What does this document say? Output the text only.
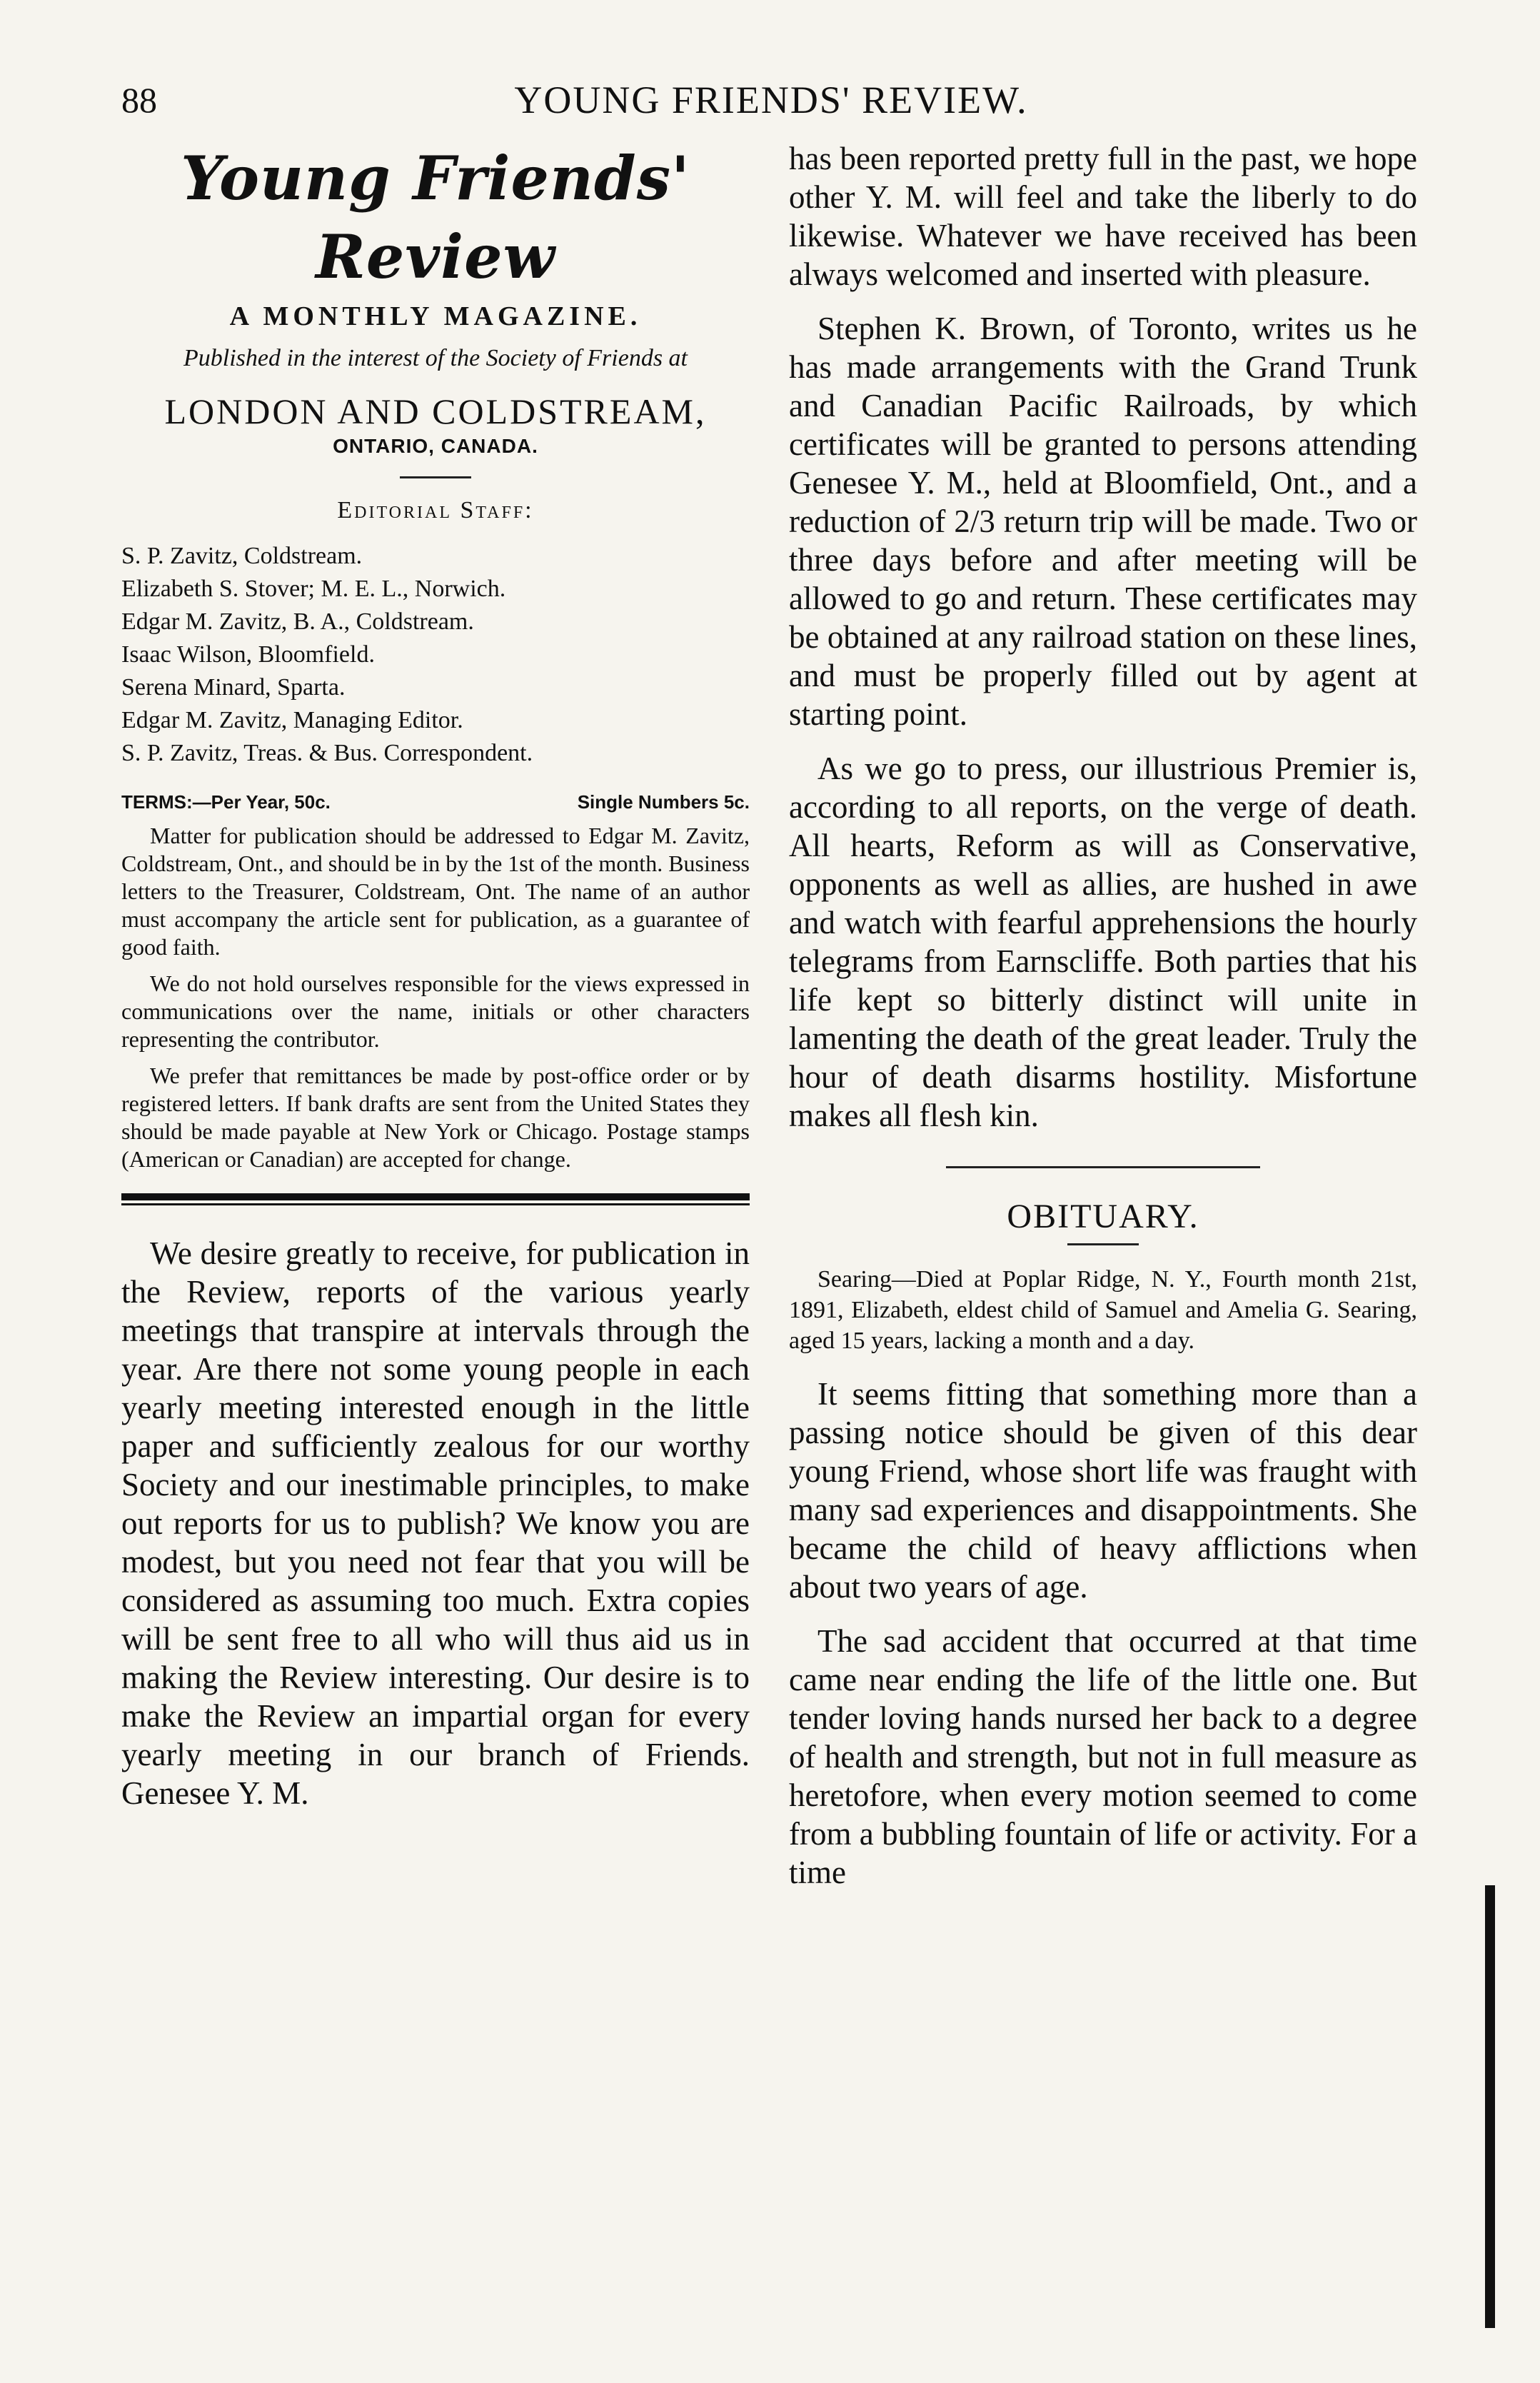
88	YOUNG FRIENDS' REVIEW.
Young Friends' Review
A MONTHLY MAGAZINE.
Published in the interest of the Society of Friends at
LONDON AND COLDSTREAM,
ONTARIO, CANADA.
Editorial Staff:
S. P. Zavitz, Coldstream.
Elizabeth S. Stover; M. E. L., Norwich.
Edgar M. Zavitz, B. A., Coldstream.
Isaac Wilson, Bloomfield.
Serena Minard, Sparta.
Edgar M. Zavitz, Managing Editor.
S. P. Zavitz, Treas. & Bus. Correspondent.
TERMS:—Per Year, 50c.	Single Numbers 5c.

Matter for publication should be addressed to Edgar M. Zavitz, Coldstream, Ont., and should be in by the 1st of the month. Business letters to the Treasurer, Coldstream, Ont. The name of an author must accompany the article sent for publication, as a guarantee of good faith.

We do not hold ourselves responsible for the views expressed in communications over the name, initials or other characters representing the contributor.

We prefer that remittances be made by post-office order or by registered letters. If bank drafts are sent from the United States they should be made payable at New York or Chicago. Postage stamps (American or Canadian) are accepted for change.

We desire greatly to receive, for publication in the Review, reports of the various yearly meetings that transpire at intervals through the year. Are there not some young people in each yearly meeting interested enough in the little paper and sufficiently zealous for our worthy Society and our inestimable principles, to make out reports for us to publish? We know you are modest, but you need not fear that you will be considered as assuming too much. Extra copies will be sent free to all who will thus aid us in making the Review interesting. Our desire is to make the Review an impartial organ for every yearly meeting in our branch of Friends. Genesee Y. M.

has been reported pretty full in the past, we hope other Y. M. will feel and take the liberly to do likewise. Whatever we have received has been always welcomed and inserted with pleasure.

Stephen K. Brown, of Toronto, writes us he has made arrangements with the Grand Trunk and Canadian Pacific Railroads, by which certificates will be granted to persons attending Genesee Y. M., held at Bloomfield, Ont., and a reduction of 2/3 return trip will be made. Two or three days before and after meeting will be allowed to go and return. These certificates may be obtained at any railroad station on these lines, and must be properly filled out by agent at starting point.

As we go to press, our illustrious Premier is, according to all reports, on the verge of death. All hearts, Reform as will as Conservative, opponents as well as allies, are hushed in awe and watch with fearful apprehensions the hourly telegrams from Earnscliffe. Both parties that his life kept so bitterly distinct will unite in lamenting the death of the great leader. Truly the hour of death disarms hostility. Misfortune makes all flesh kin.

OBITUARY.

Searing—Died at Poplar Ridge, N. Y., Fourth month 21st, 1891, Elizabeth, eldest child of Samuel and Amelia G. Searing, aged 15 years, lacking a month and a day.

It seems fitting that something more than a passing notice should be given of this dear young Friend, whose short life was fraught with many sad experiences and disappointments. She became the child of heavy afflictions when about two years of age.

The sad accident that occurred at that time came near ending the life of the little one. But tender loving hands nursed her back to a degree of health and strength, but not in full measure as heretofore, when every motion seemed to come from a bubbling fountain of life or activity. For a time
